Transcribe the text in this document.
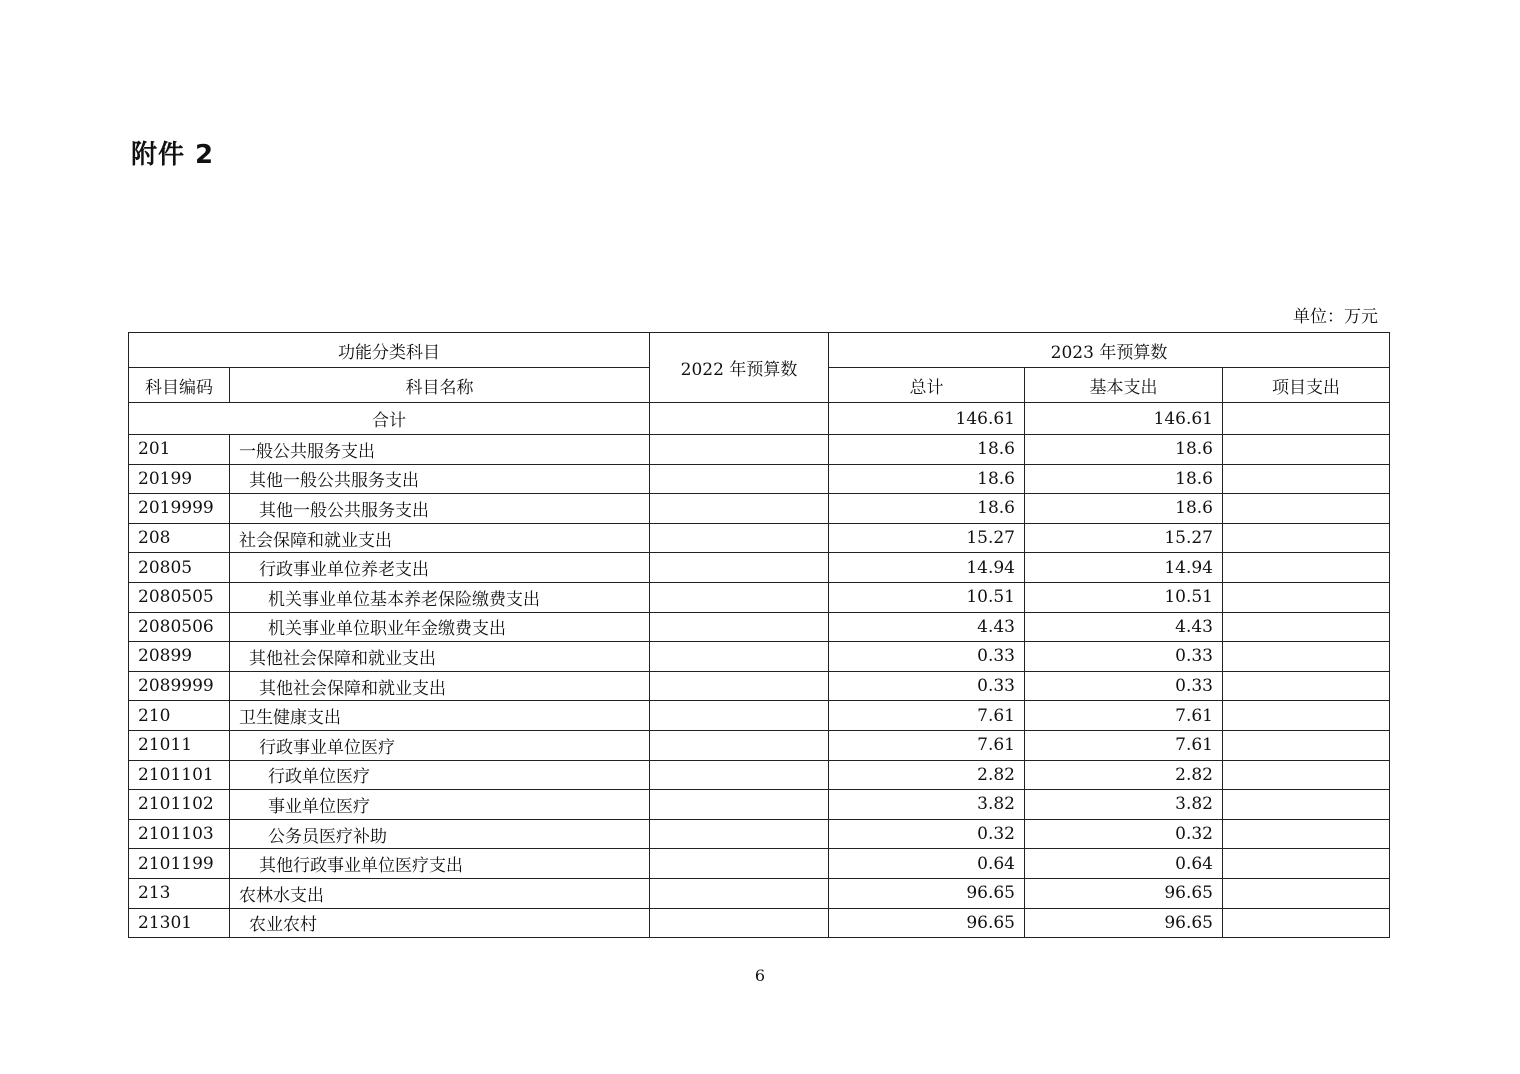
附件 2
单位：万元
功能分类科目		2022 年预算数	2023 年预算数		
科目编码	科目名称		总计	基本支出	项目支出
合计			146.61	146.61	
201	一般公共服务支出		18.6	18.6	
20199	其他一般公共服务支出		18.6	18.6	
2019999	其他一般公共服务支出		18.6	18.6	
208	社会保障和就业支出		15.27	15.27	
20805	行政事业单位养老支出		14.94	14.94	
2080505	机关事业单位基本养老保险缴费支出		10.51	10.51	
2080506	机关事业单位职业年金缴费支出		4.43	4.43	
20899	其他社会保障和就业支出		0.33	0.33	
2089999	其他社会保障和就业支出		0.33	0.33	
210	卫生健康支出		7.61	7.61	
21011	行政事业单位医疗		7.61	7.61	
2101101	行政单位医疗		2.82	2.82	
2101102	事业单位医疗		3.82	3.82	
2101103	公务员医疗补助		0.32	0.32	
2101199	其他行政事业单位医疗支出		0.64	0.64	
213	农林水支出		96.65	96.65	
21301	农业农村		96.65	96.65	
6
